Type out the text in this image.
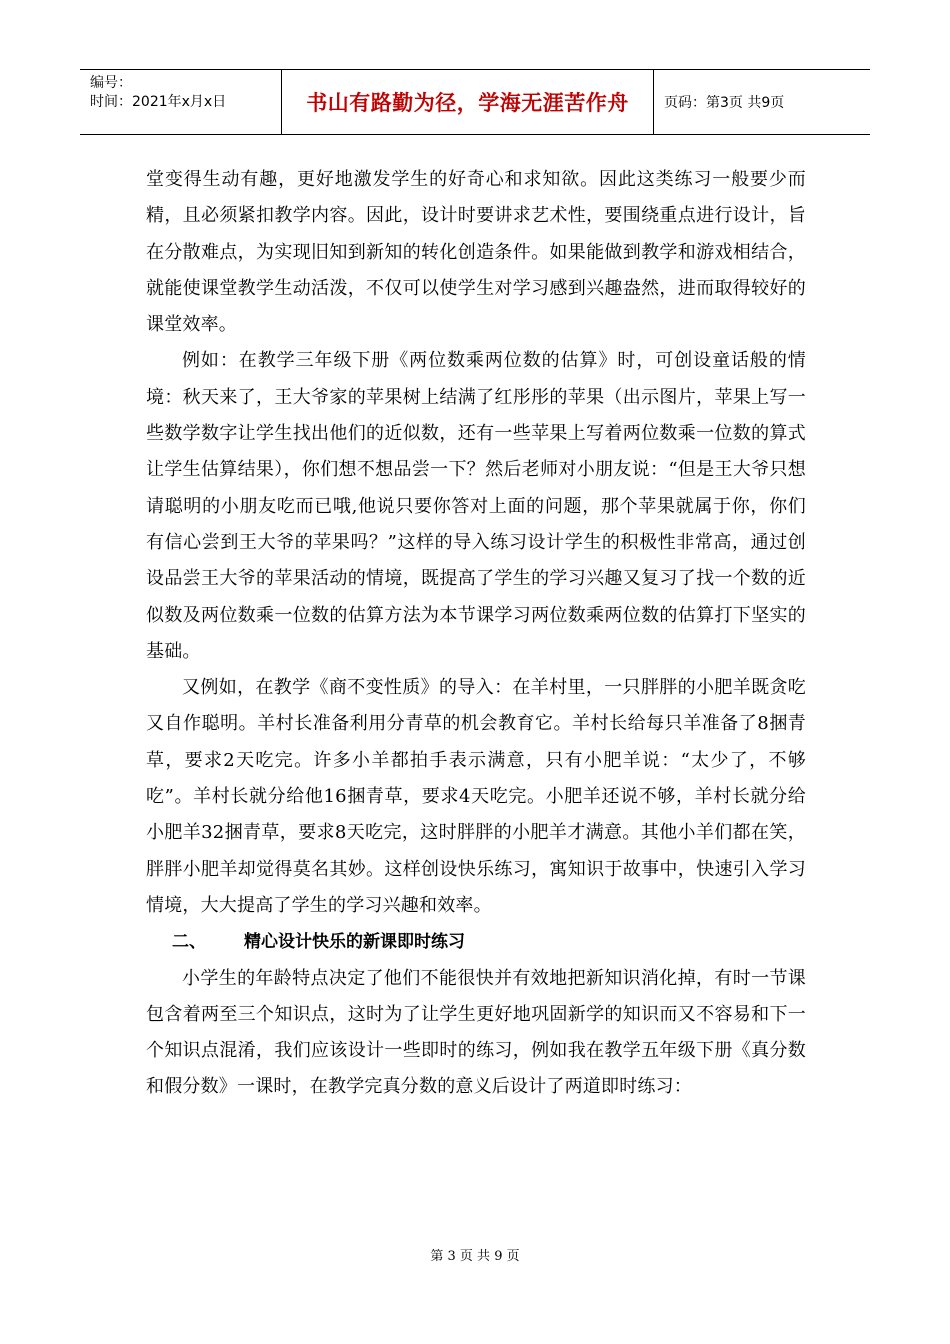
编号：
时间：2021年x月x日	书山有路勤为径，学海无涯苦作舟	页码：第3页 共9页

堂变得生动有趣，更好地激发学生的好奇心和求知欲。因此这类练习一般要少而精，且必须紧扣教学内容。因此，设计时要讲求艺术性，要围绕重点进行设计，旨在分散难点，为实现旧知到新知的转化创造条件。如果能做到教学和游戏相结合，就能使课堂教学生动活泼，不仅可以使学生对学习感到兴趣盎然，进而取得较好的课堂效率。

例如：在教学三年级下册《两位数乘两位数的估算》时，可创设童话般的情境：秋天来了，王大爷家的苹果树上结满了红彤彤的苹果（出示图片，苹果上写一些数学数字让学生找出他们的近似数，还有一些苹果上写着两位数乘一位数的算式让学生估算结果），你们想不想品尝一下？然后老师对小朋友说：“但是王大爷只想请聪明的小朋友吃而已哦,他说只要你答对上面的问题，那个苹果就属于你，你们有信心尝到王大爷的苹果吗？”这样的导入练习设计学生的积极性非常高，通过创设品尝王大爷的苹果活动的情境，既提高了学生的学习兴趣又复习了找一个数的近似数及两位数乘一位数的估算方法为本节课学习两位数乘两位数的估算打下坚实的基础。

又例如，在教学《商不变性质》的导入：在羊村里，一只胖胖的小肥羊既贪吃又自作聪明。羊村长准备利用分青草的机会教育它。羊村长给每只羊准备了8捆青草，要求2天吃完。许多小羊都拍手表示满意，只有小肥羊说：“太少了，不够吃”。羊村长就分给他16捆青草，要求4天吃完。小肥羊还说不够，羊村长就分给小肥羊32捆青草，要求8天吃完，这时胖胖的小肥羊才满意。其他小羊们都在笑，胖胖小肥羊却觉得莫名其妙。这样创设快乐练习，寓知识于故事中，快速引入学习情境，大大提高了学生的学习兴趣和效率。

二、 精心设计快乐的新课即时练习

小学生的年龄特点决定了他们不能很快并有效地把新知识消化掉，有时一节课包含着两至三个知识点，这时为了让学生更好地巩固新学的知识而又不容易和下一个知识点混淆，我们应该设计一些即时的练习，例如我在教学五年级下册《真分数和假分数》一课时，在教学完真分数的意义后设计了两道即时练习：

第 3 页 共 9 页
